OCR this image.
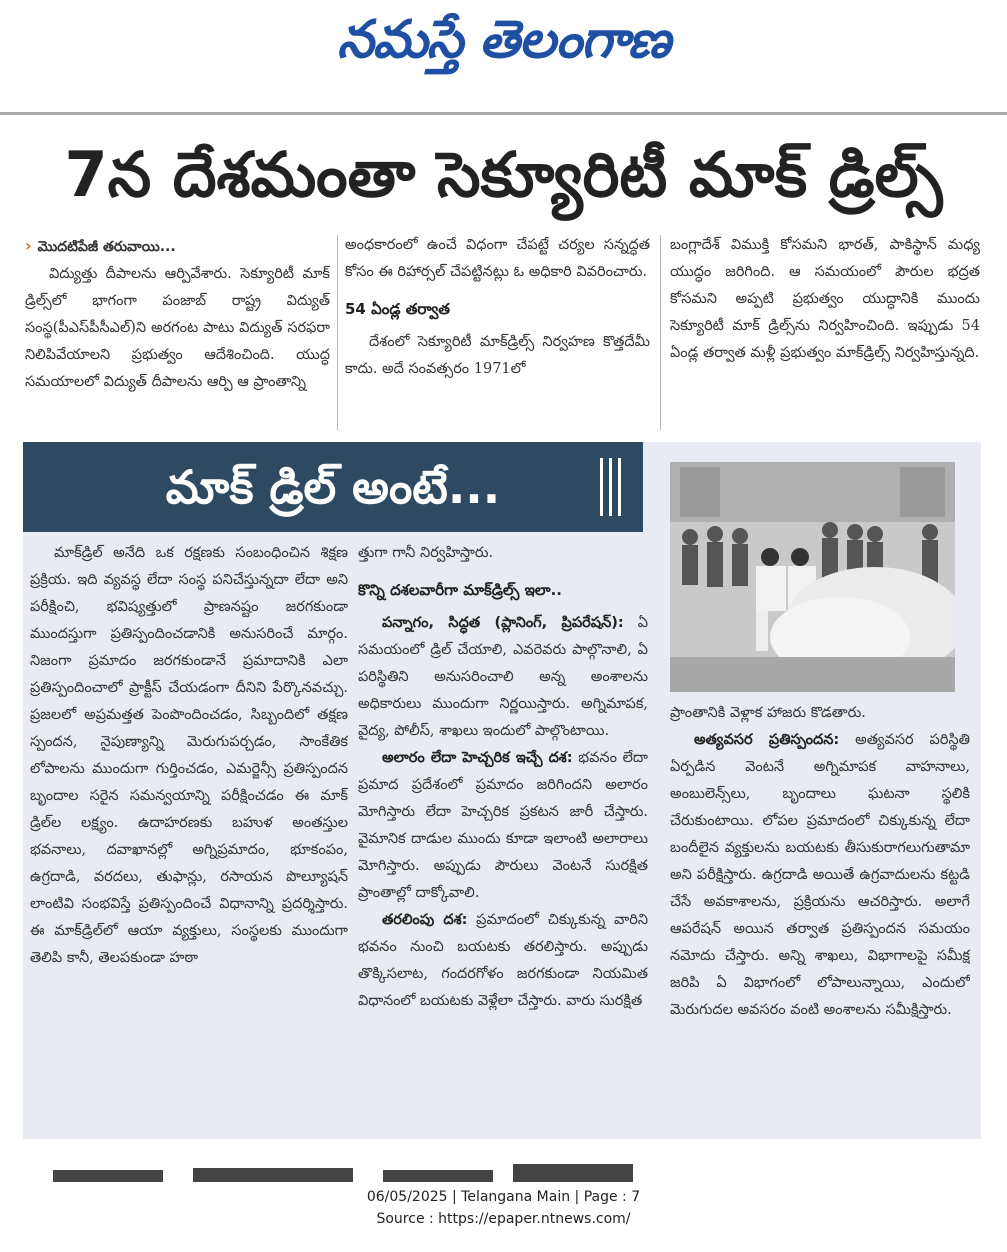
నమస్తే తెలంగాణ
7న దేశమంతా సెక్యూరిటీ మాక్ డ్రిల్స్

› మొదటిపేజీ తరువాయి...

విద్యుత్తు దీపాలను ఆర్పివేశారు. సెక్యూరిటీ మాక్ డ్రిల్స్‌లో భాగంగా పంజాబ్ రాష్ట్ర విద్యుత్ సంస్థ(పీఎస్‌పీసీఎల్)ని అరగంట పాటు విద్యుత్ సరఫరా నిలిపివేయాలని ప్రభుత్వం ఆదేశించింది. యుద్ధ సమయాలలో విద్యుత్ దీపాలను ఆర్పి ఆ ప్రాంతాన్ని

అంధకారంలో ఉంచే విధంగా చేపట్టే చర్యల సన్నద్ధత కోసం ఈ రిహార్సల్ చేపట్టినట్లు ఓ అధికారి వివరించారు.

54 ఏండ్ల తర్వాత

దేశంలో సెక్యూరిటీ మాక్‌డ్రిల్స్ నిర్వహణ కొత్తదేమీ కాదు. అదే సంవత్సరం 1971లో

బంగ్లాదేశ్ విముక్తి కోసమని భారత్, పాకిస్థాన్ మధ్య యుద్ధం జరిగింది. ఆ సమయంలో పౌరుల భద్రత కోసమని అప్పటి ప్రభుత్వం యుద్ధానికి ముందు సెక్యూరిటీ మాక్ డ్రిల్స్‌ను నిర్వహించింది. ఇప్పుడు 54 ఏండ్ల తర్వాత మళ్లీ ప్రభుత్వం మాక్‌డ్రిల్స్ నిర్వహిస్తున్నది.

మాక్ డ్రిల్ అంటే...

మాక్‌డ్రిల్ అనేది ఒక రక్షణకు సంబంధించిన శిక్షణ ప్రక్రియ. ఇది వ్యవస్థ లేదా సంస్థ పనిచేస్తున్నదా లేదా అని పరీక్షించి, భవిష్యత్తులో ప్రాణనష్టం జరగకుండా ముందస్తుగా ప్రతిస్పందించడానికి అనుసరించే మార్గం. నిజంగా ప్రమాదం జరగకుండానే ప్రమాదానికి ఎలా ప్రతిస్పందించాలో ప్రాక్టీస్ చేయడంగా దీనిని పేర్కొనవచ్చు. ప్రజలలో అప్రమత్తత పెంపొందించడం, సిబ్బందిలో తక్షణ స్పందన, నైపుణ్యాన్ని మెరుగుపర్చడం, సాంకేతిక లోపాలను ముందుగా గుర్తించడం, ఎమర్జెన్సీ ప్రతిస్పందన బృందాల సరైన సమన్వయాన్ని పరీక్షించడం ఈ మాక్ డ్రిల్‌ల లక్ష్యం. ఉదాహరణకు బహుళ అంతస్తుల భవనాలు, దవాఖానల్లో అగ్నిప్రమాదం, భూకంపం, ఉగ్రదాడి, వరదలు, తుఫాన్లు, రసాయన పొల్యూషన్ లాంటివి సంభవిస్తే ప్రతిస్పందించే విధానాన్ని ప్రదర్శిస్తారు. ఈ మాక్‌డ్రిల్‌లో ఆయా వ్యక్తులు, సంస్థలకు ముందుగా తెలిపి కానీ, తెలపకుండా హఠా

త్తుగా గానీ నిర్వహిస్తారు.

కొన్ని దశలవారీగా మాక్‌డ్రిల్స్ ఇలా..

పన్నాగం, సిద్ధత (ప్లానింగ్, ప్రిపరేషన్): ఏ సమయంలో డ్రిల్ చేయాలి, ఎవరెవరు పాల్గొనాలి, ఏ పరిస్థితిని అనుసరించాలి అన్న అంశాలను అధికారులు ముందుగా నిర్ణయిస్తారు. అగ్నిమాపక, వైద్య, పోలీస్, శాఖలు ఇందులో పాల్గొంటాయి.

అలారం లేదా హెచ్చరిక ఇచ్చే దశ: భవనం లేదా ప్రమాద ప్రదేశంలో ప్రమాదం జరిగిందని అలారం మోగిస్తారు లేదా హెచ్చరిక ప్రకటన జారీ చేస్తారు. వైమానిక దాడుల ముందు కూడా ఇలాంటి అలారాలు మోగిస్తారు. అప్పుడు పౌరులు వెంటనే సురక్షిత ప్రాంతాల్లో దాక్కోవాలి.

తరలింపు దశ: ప్రమాదంలో చిక్కుకున్న వారిని భవనం నుంచి బయటకు తరలిస్తారు. అప్పుడు తొక్కిసలాట, గందరగోళం జరగకుండా నియమిత విధానంలో బయటకు వెళ్లేలా చేస్తారు. వారు సురక్షిత

ప్రాంతానికి వెళ్లాక హాజరు కొడతారు.

అత్యవసర ప్రతిస్పందన: అత్యవసర పరిస్థితి ఏర్పడిన వెంటనే అగ్నిమాపక వాహనాలు, అంబులెన్స్‌లు, బృందాలు ఘటనా స్థలికి చేరుకుంటాయి. లోపల ప్రమాదంలో చిక్కుకున్న లేదా బందీలైన వ్యక్తులను బయటకు తీసుకురాగలుగుతామా అని పరీక్షిస్తారు. ఉగ్రదాడి అయితే ఉగ్రవాదులను కట్టడి చేసే అవకాశాలను, ప్రక్రియను ఆచరిస్తారు. అలాగే ఆపరేషన్ అయిన తర్వాత ప్రతిస్పందన సమయం నమోదు చేస్తారు. అన్ని శాఖలు, విభాగాలపై సమీక్ష జరిపి ఏ విభాగంలో లోపాలున్నాయి, ఎందులో మెరుగుదల అవసరం వంటి అంశాలను సమీక్షిస్తారు.

06/05/2025 | Telangana Main | Page : 7
Source : https://epaper.ntnews.com/
